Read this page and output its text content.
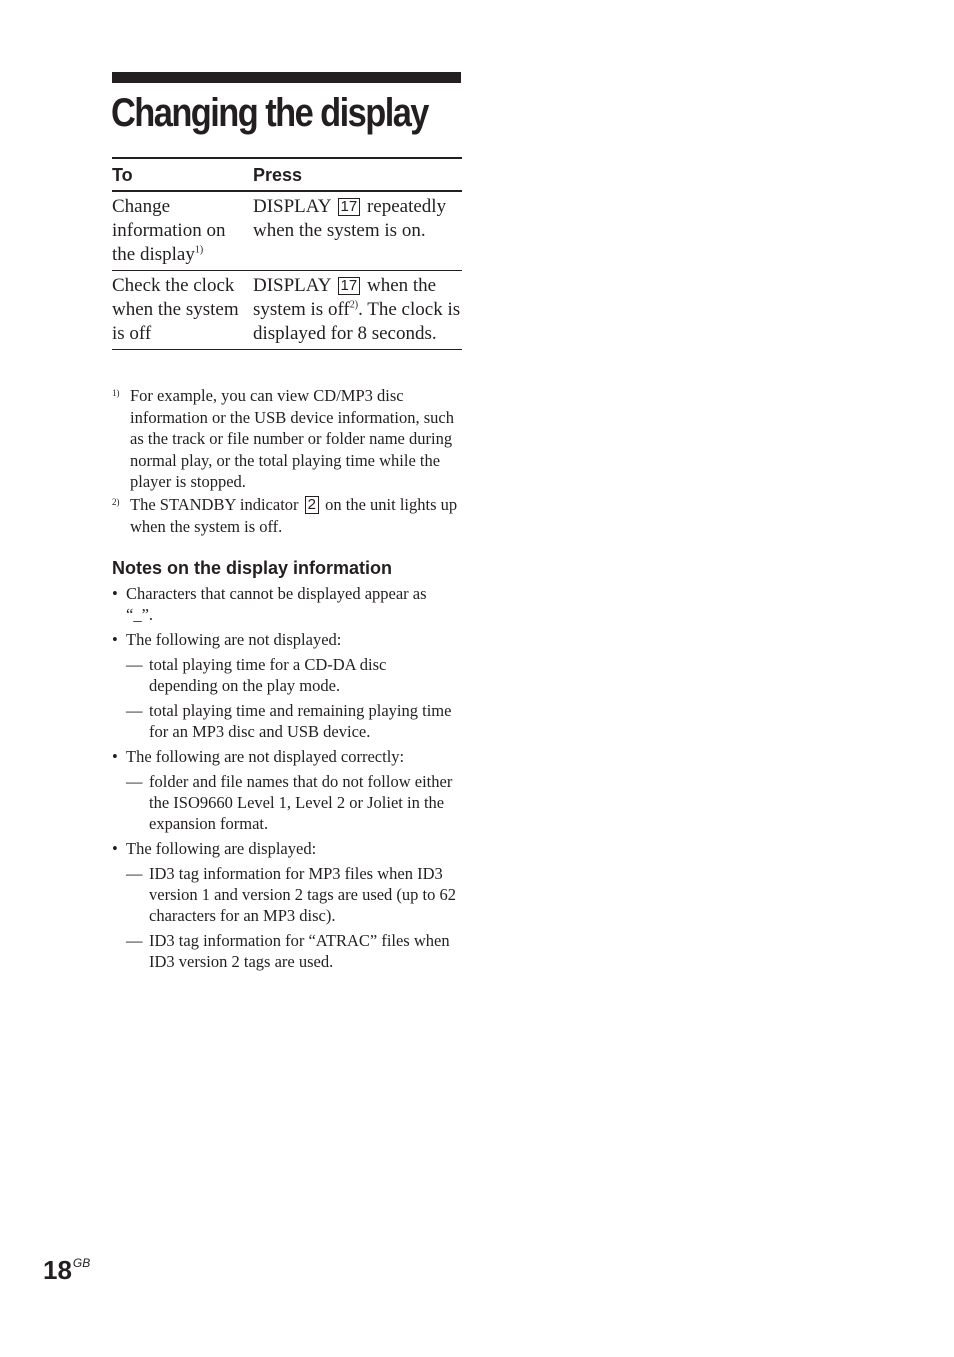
Changing the display
To	Press
Change information on the display$^{1)}$	DISPLAY 17 repeatedly when the system is on.
Check the clock when the system is off	DISPLAY 17 when the system is off$^{2)}$. The clock is displayed for 8 seconds.
1) For example, you can view CD/MP3 disc information or the USB device information, such as the track or file number or folder name during normal play, or the total playing time while the player is stopped.
2) The STANDBY indicator 2 on the unit lights up when the system is off.
Notes on the display information
• Characters that cannot be displayed appear as “_”.
• The following are not displayed:
— total playing time for a CD-DA disc depending on the play mode.
— total playing time and remaining playing time for an MP3 disc and USB device.
• The following are not displayed correctly:
— folder and file names that do not follow either the ISO9660 Level 1, Level 2 or Joliet in the expansion format.
• The following are displayed:
— ID3 tag information for MP3 files when ID3 version 1 and version 2 tags are used (up to 62 characters for an MP3 disc).
— ID3 tag information for “ATRAC” files when ID3 version 2 tags are used.
$18^{GB}$
